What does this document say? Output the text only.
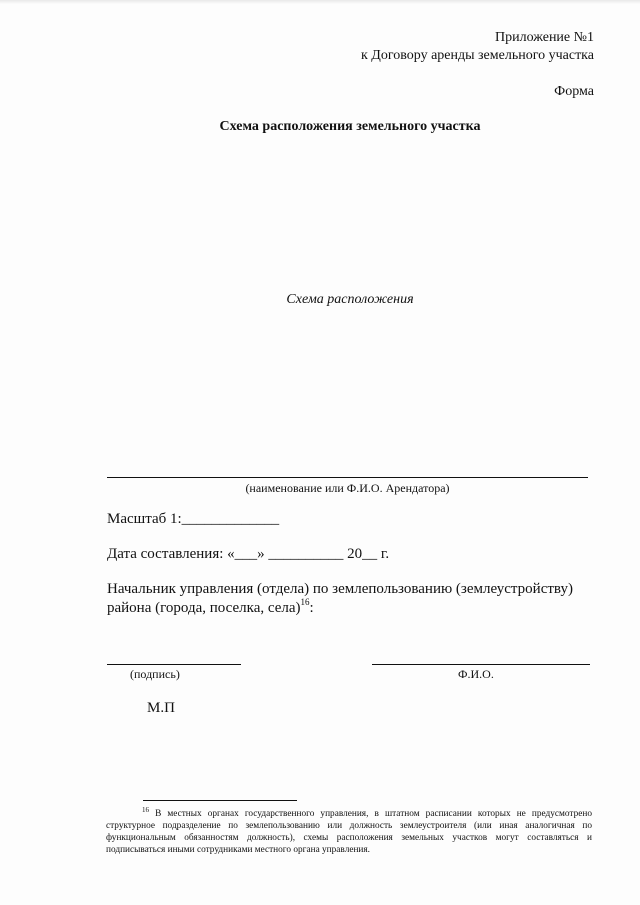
Приложение №1
к Договору аренды земельного участка
Форма
Схема расположения земельного участка
Схема расположения
(наименование или Ф.И.О. Арендатора)
Масштаб 1:_____________
Дата составления: «___» __________ 20__ г.
Начальник управления (отдела) по землепользованию (землеустройству)
района (города, поселка, села)$^{16}$:
(подпись)	Ф.И.О.
М.П
$^{16}$ В местных органах государственного управления, в штатном расписании которых не предусмотрено структурное подразделение по землепользованию или должность землеустроителя (или иная аналогичная по функциональным обязанностям должность), схемы расположения земельных участков могут составляться и подписываться иными сотрудниками местного органа управления.
